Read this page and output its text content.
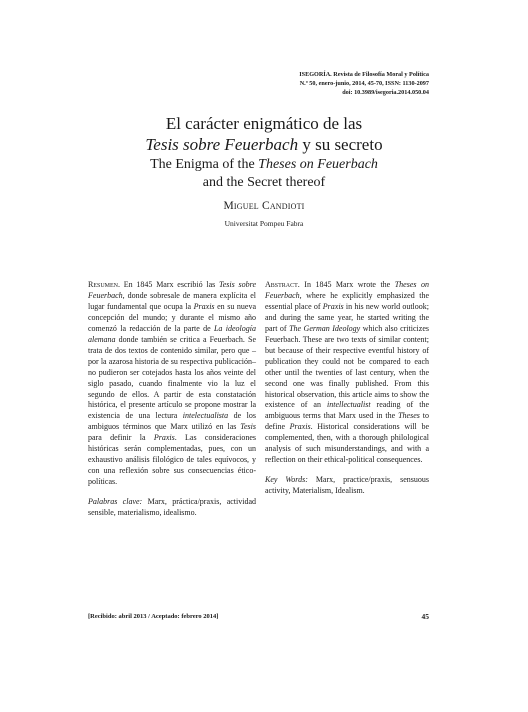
ISEGORÍA. Revista de Filosofía Moral y Política
N.º 50, enero-junio, 2014, 45-70, ISSN: 1130-2097
doi: 10.3989/isegoria.2014.050.04
El carácter enigmático de las
Tesis sobre Feuerbach y su secreto
The Enigma of the Theses on Feuerbach
and the Secret thereof
Miguel Candioti
Universitat Pompeu Fabra

Resumen. En 1845 Marx escribió las Tesis sobre Feuerbach, donde sobresale de manera explícita el lugar fundamental que ocupa la Praxis en su nueva concepción del mundo; y durante el mismo año comenzó la redacción de la parte de La ideología alemana donde también se critica a Feuerbach. Se trata de dos textos de contenido similar, pero que –por la azarosa historia de su respectiva publicación– no pudieron ser cotejados hasta los años veinte del siglo pasado, cuando finalmente vio la luz el segundo de ellos. A partir de esta constatación histórica, el presente artículo se propone mostrar la existencia de una lectura intelectualista de los ambiguos términos que Marx utilizó en las Tesis para definir la Praxis. Las consideraciones históricas serán complementadas, pues, con un exhaustivo análisis filológico de tales equívocos, y con una reflexión sobre sus consecuencias ético-políticas.

Palabras clave: Marx, práctica/praxis, actividad sensible, materialismo, idealismo.

Abstract. In 1845 Marx wrote the Theses on Feuerbach, where he explicitly emphasized the essential place of Praxis in his new world outlook; and during the same year, he started writing the part of The German Ideology which also criticizes Feuerbach. These are two texts of similar content; but because of their respective eventful history of publication they could not be compared to each other until the twenties of last century, when the second one was finally published. From this historical observation, this article aims to show the existence of an intellectualist reading of the ambiguous terms that Marx used in the Theses to define Praxis. Historical considerations will be complemented, then, with a thorough philological analysis of such misunderstandings, and with a reflection on their ethical-political consequences.

Key Words: Marx, practice/praxis, sensuous activity, Materialism, Idealism.

[Recibido: abril 2013 / Aceptado: febrero 2014]	45
